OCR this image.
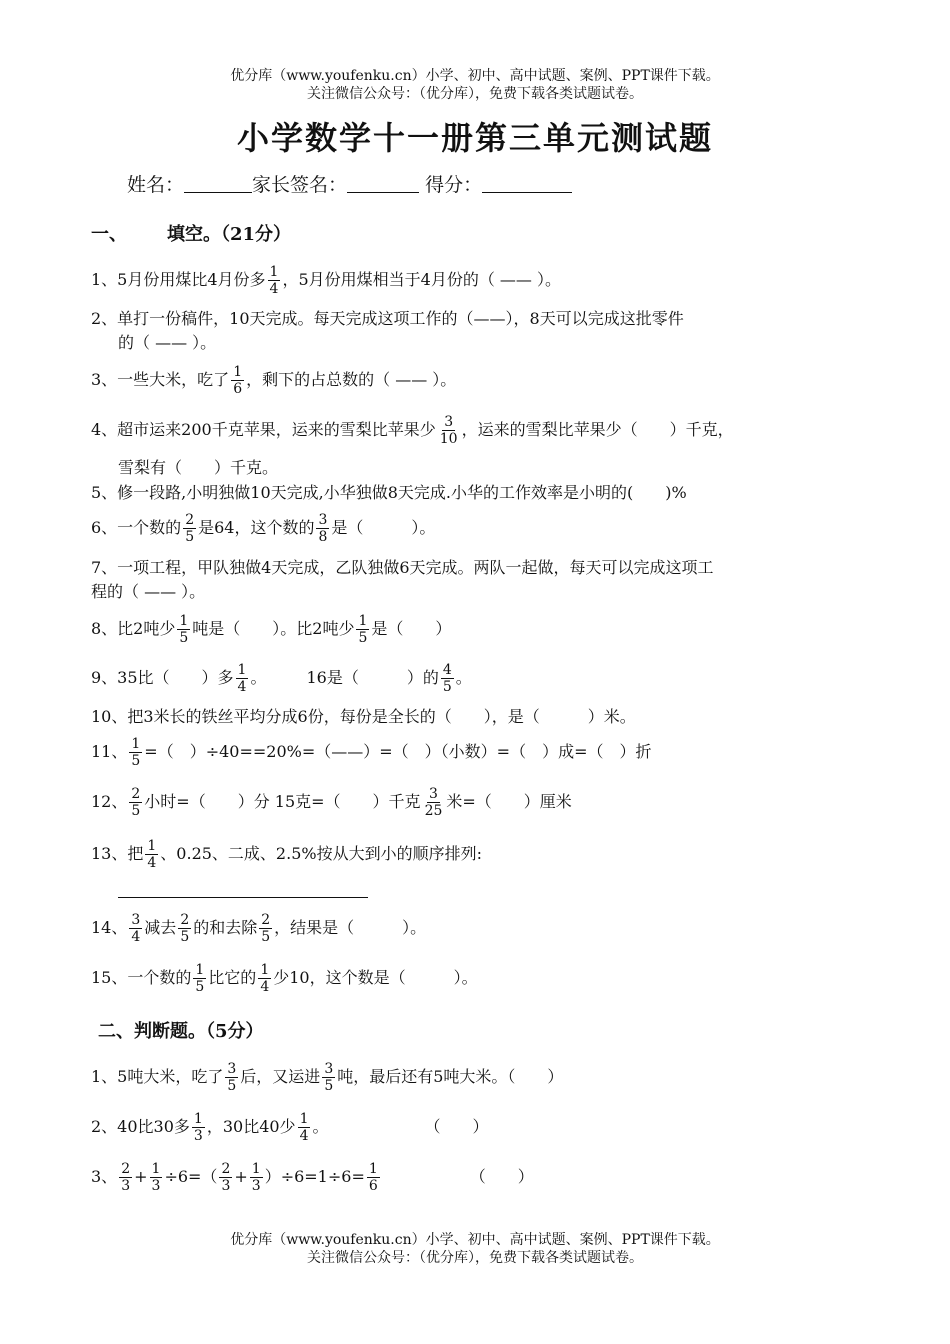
优分库（www.youfenku.cn）小学、初中、高中试题、案例、PPT课件下载。
关注微信公众号：（优分库），免费下载各类试题试卷。
小学数学十一册第三单元测试题
姓名：	家长签名：	得分：
一、 填空。（21分）
1、5月份用煤比4月份多 $\frac{1}{4}$ ，5月份用煤相当于4月份的（ —— ）。
2、单打一份稿件，10天完成。每天完成这项工作的（——），8天可以完成这批零件
的（ —— ）。
3、一些大米，吃了 $\frac{1}{6}$ ，剩下的占总数的（ —— ）。
4、超市运来200千克苹果，运来的雪梨比苹果少 $\frac{3}{10}$ ，运来的雪梨比苹果少（　　）千克，
雪梨有（　　）千克。
5、修一段路,小明独做10天完成,小华独做8天完成.小华的工作效率是小明的(　　)%
6、一个数的 $\frac{2}{5}$ 是64，这个数的 $\frac{3}{8}$ 是（　　　）。
7、一项工程，甲队独做4天完成，乙队独做6天完成。两队一起做，每天可以完成这项工
程的（ —— ）。
8、比2吨少 $\frac{1}{5}$ 吨是（　　）。比2吨少 $\frac{1}{5}$ 是（　　）
9、35比（　　）多 $\frac{1}{4}$ 。　　　16是（　　　）的 $\frac{4}{5}$ 。
10、把3米长的铁丝平均分成6份，每份是全长的（　　），是（　　　）米。
11、 $\frac{1}{5}$ =（　）÷40==20%=（——）=（　）（小数）=（　）成=（　）折
12、 $\frac{2}{5}$ 小时=（　　）分 15克=（　　）千克 $\frac{3}{25}$ 米=（　　）厘米
13、把 $\frac{1}{4}$ 、0.25、二成、2.5%按从大到小的顺序排列:
14、 $\frac{3}{4}$ 减去 $\frac{2}{5}$ 的和去除 $\frac{2}{5}$ ，结果是（　　　）。
15、一个数的 $\frac{1}{5}$ 比它的 $\frac{1}{4}$ 少10，这个数是（　　　）。
二、判断题。（5分）
1、5吨大米，吃了 $\frac{3}{5}$ 后，又运进 $\frac{3}{5}$ 吨，最后还有5吨大米。（　　）
2、40比30多 $\frac{1}{3}$ ，30比40少 $\frac{1}{4}$ 。　　　　　　　（　　）
3、 $\frac{2}{3} + \frac{1}{3} \div 6=( \frac{2}{3} + \frac{1}{3} )\div 6=1\div 6= \frac{1}{6}$ 　　　　　　（　　）
优分库（www.youfenku.cn）小学、初中、高中试题、案例、PPT课件下载。
关注微信公众号：（优分库），免费下载各类试题试卷。
